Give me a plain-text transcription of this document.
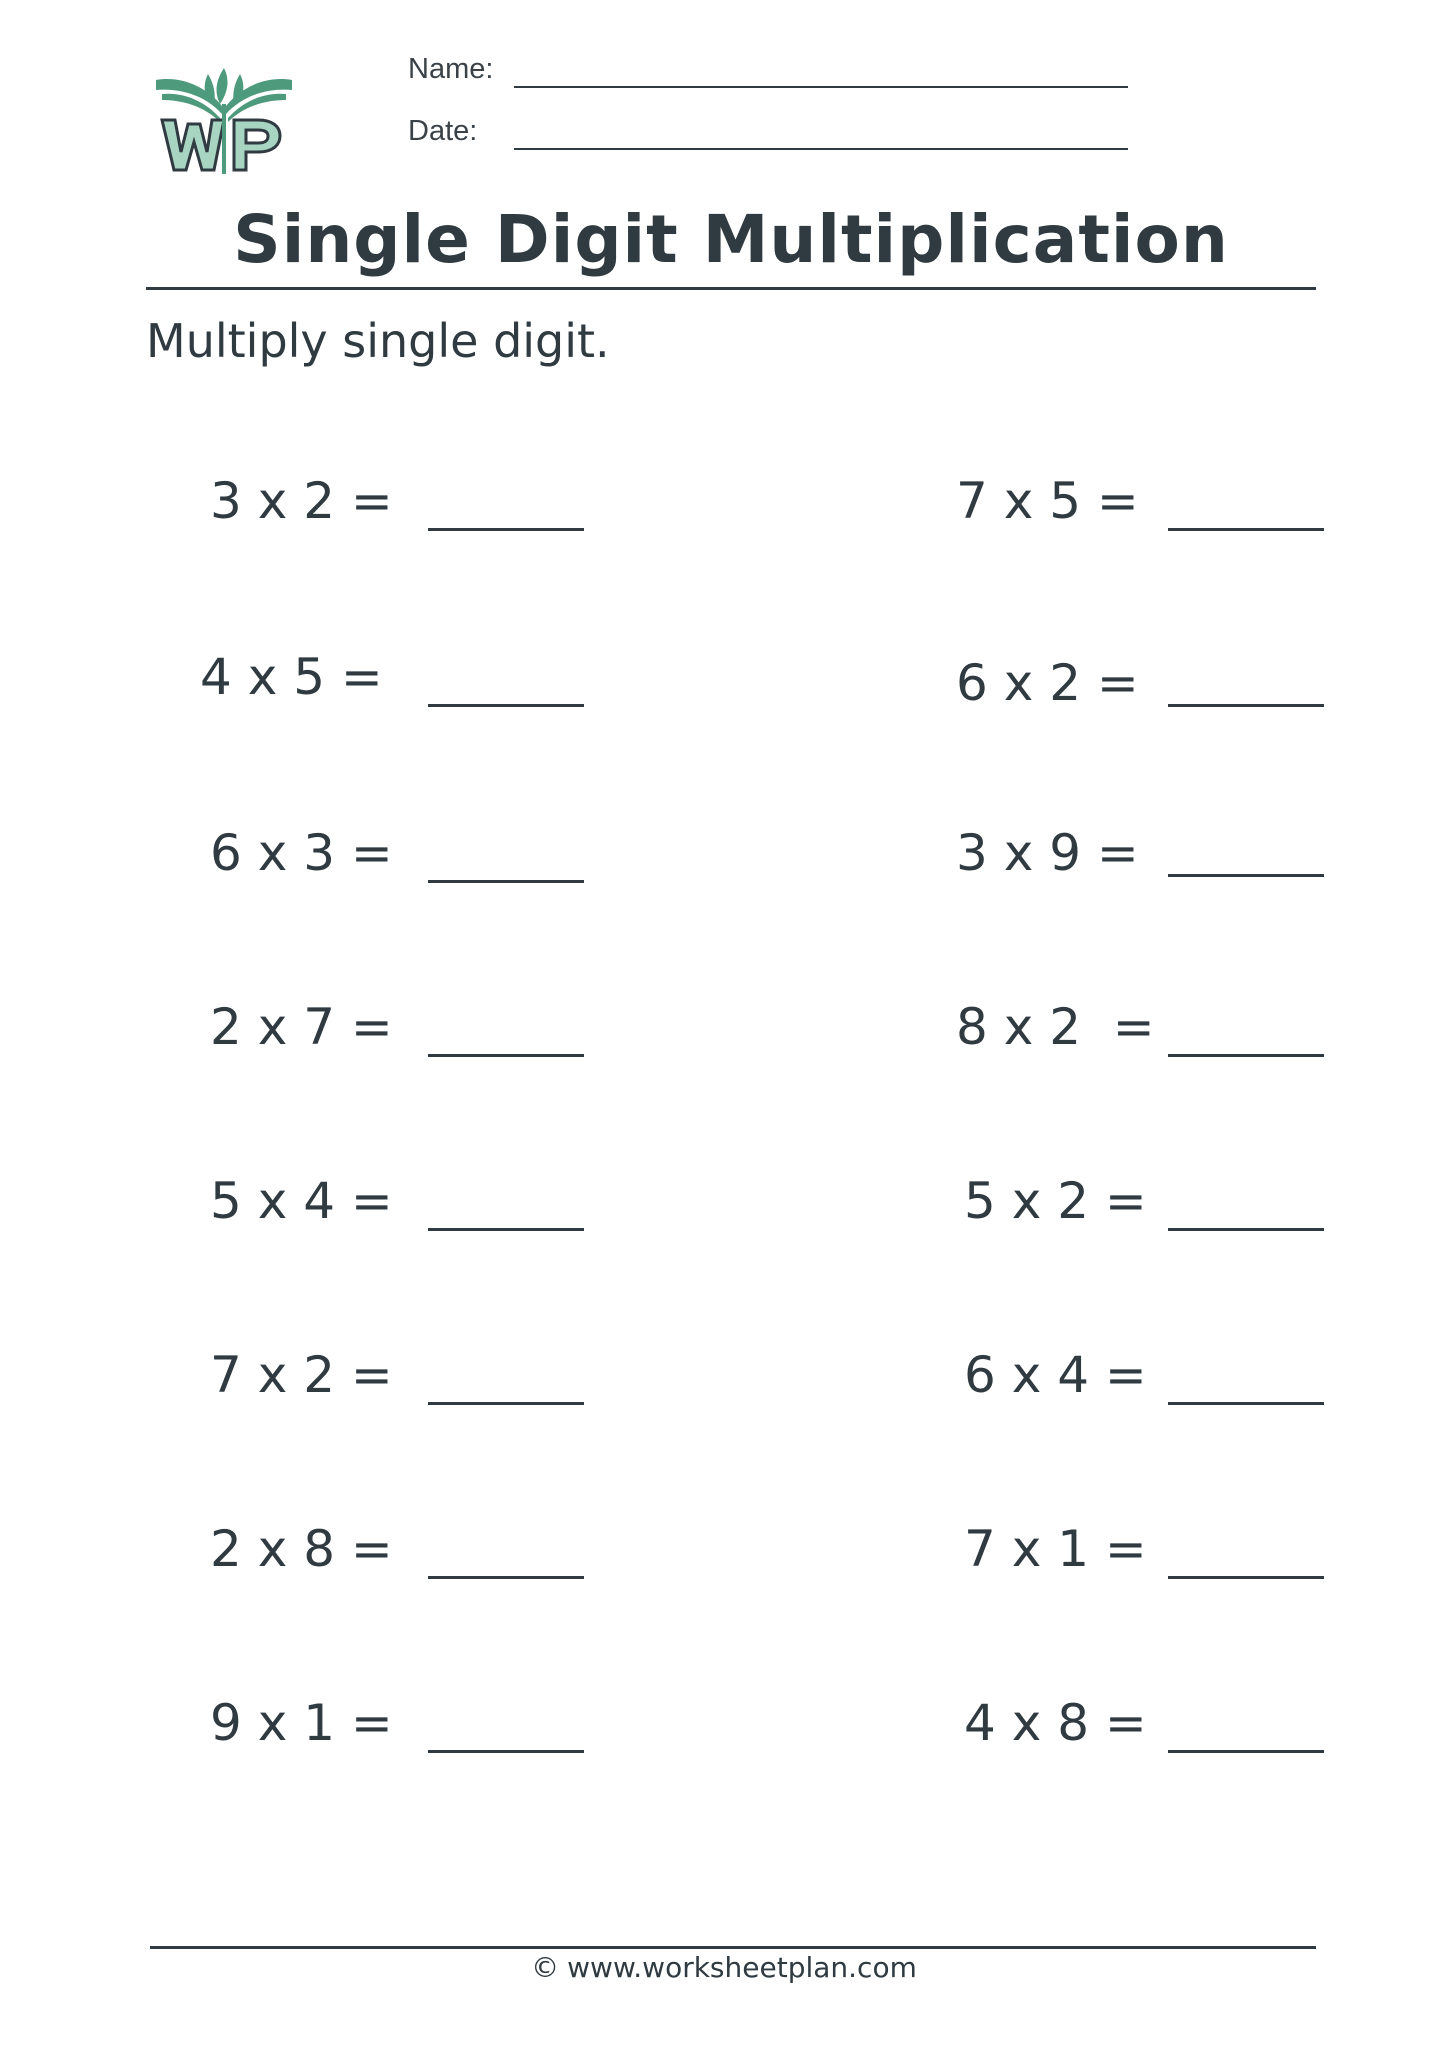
Name:
Date:
Single Digit Multiplication
Multiply single digit.
3 x 2 =
4 x 5 =
6 x 3 =
2 x 7 =
5 x 4 =
7 x 2 =
2 x 8 =
9 x 1 =
7 x 5 =
6 x 2 =
3 x 9 =
8 x 2  =
5 x 2 =
6 x 4 =
7 x 1 =
4 x 8 =
© www.worksheetplan.com
